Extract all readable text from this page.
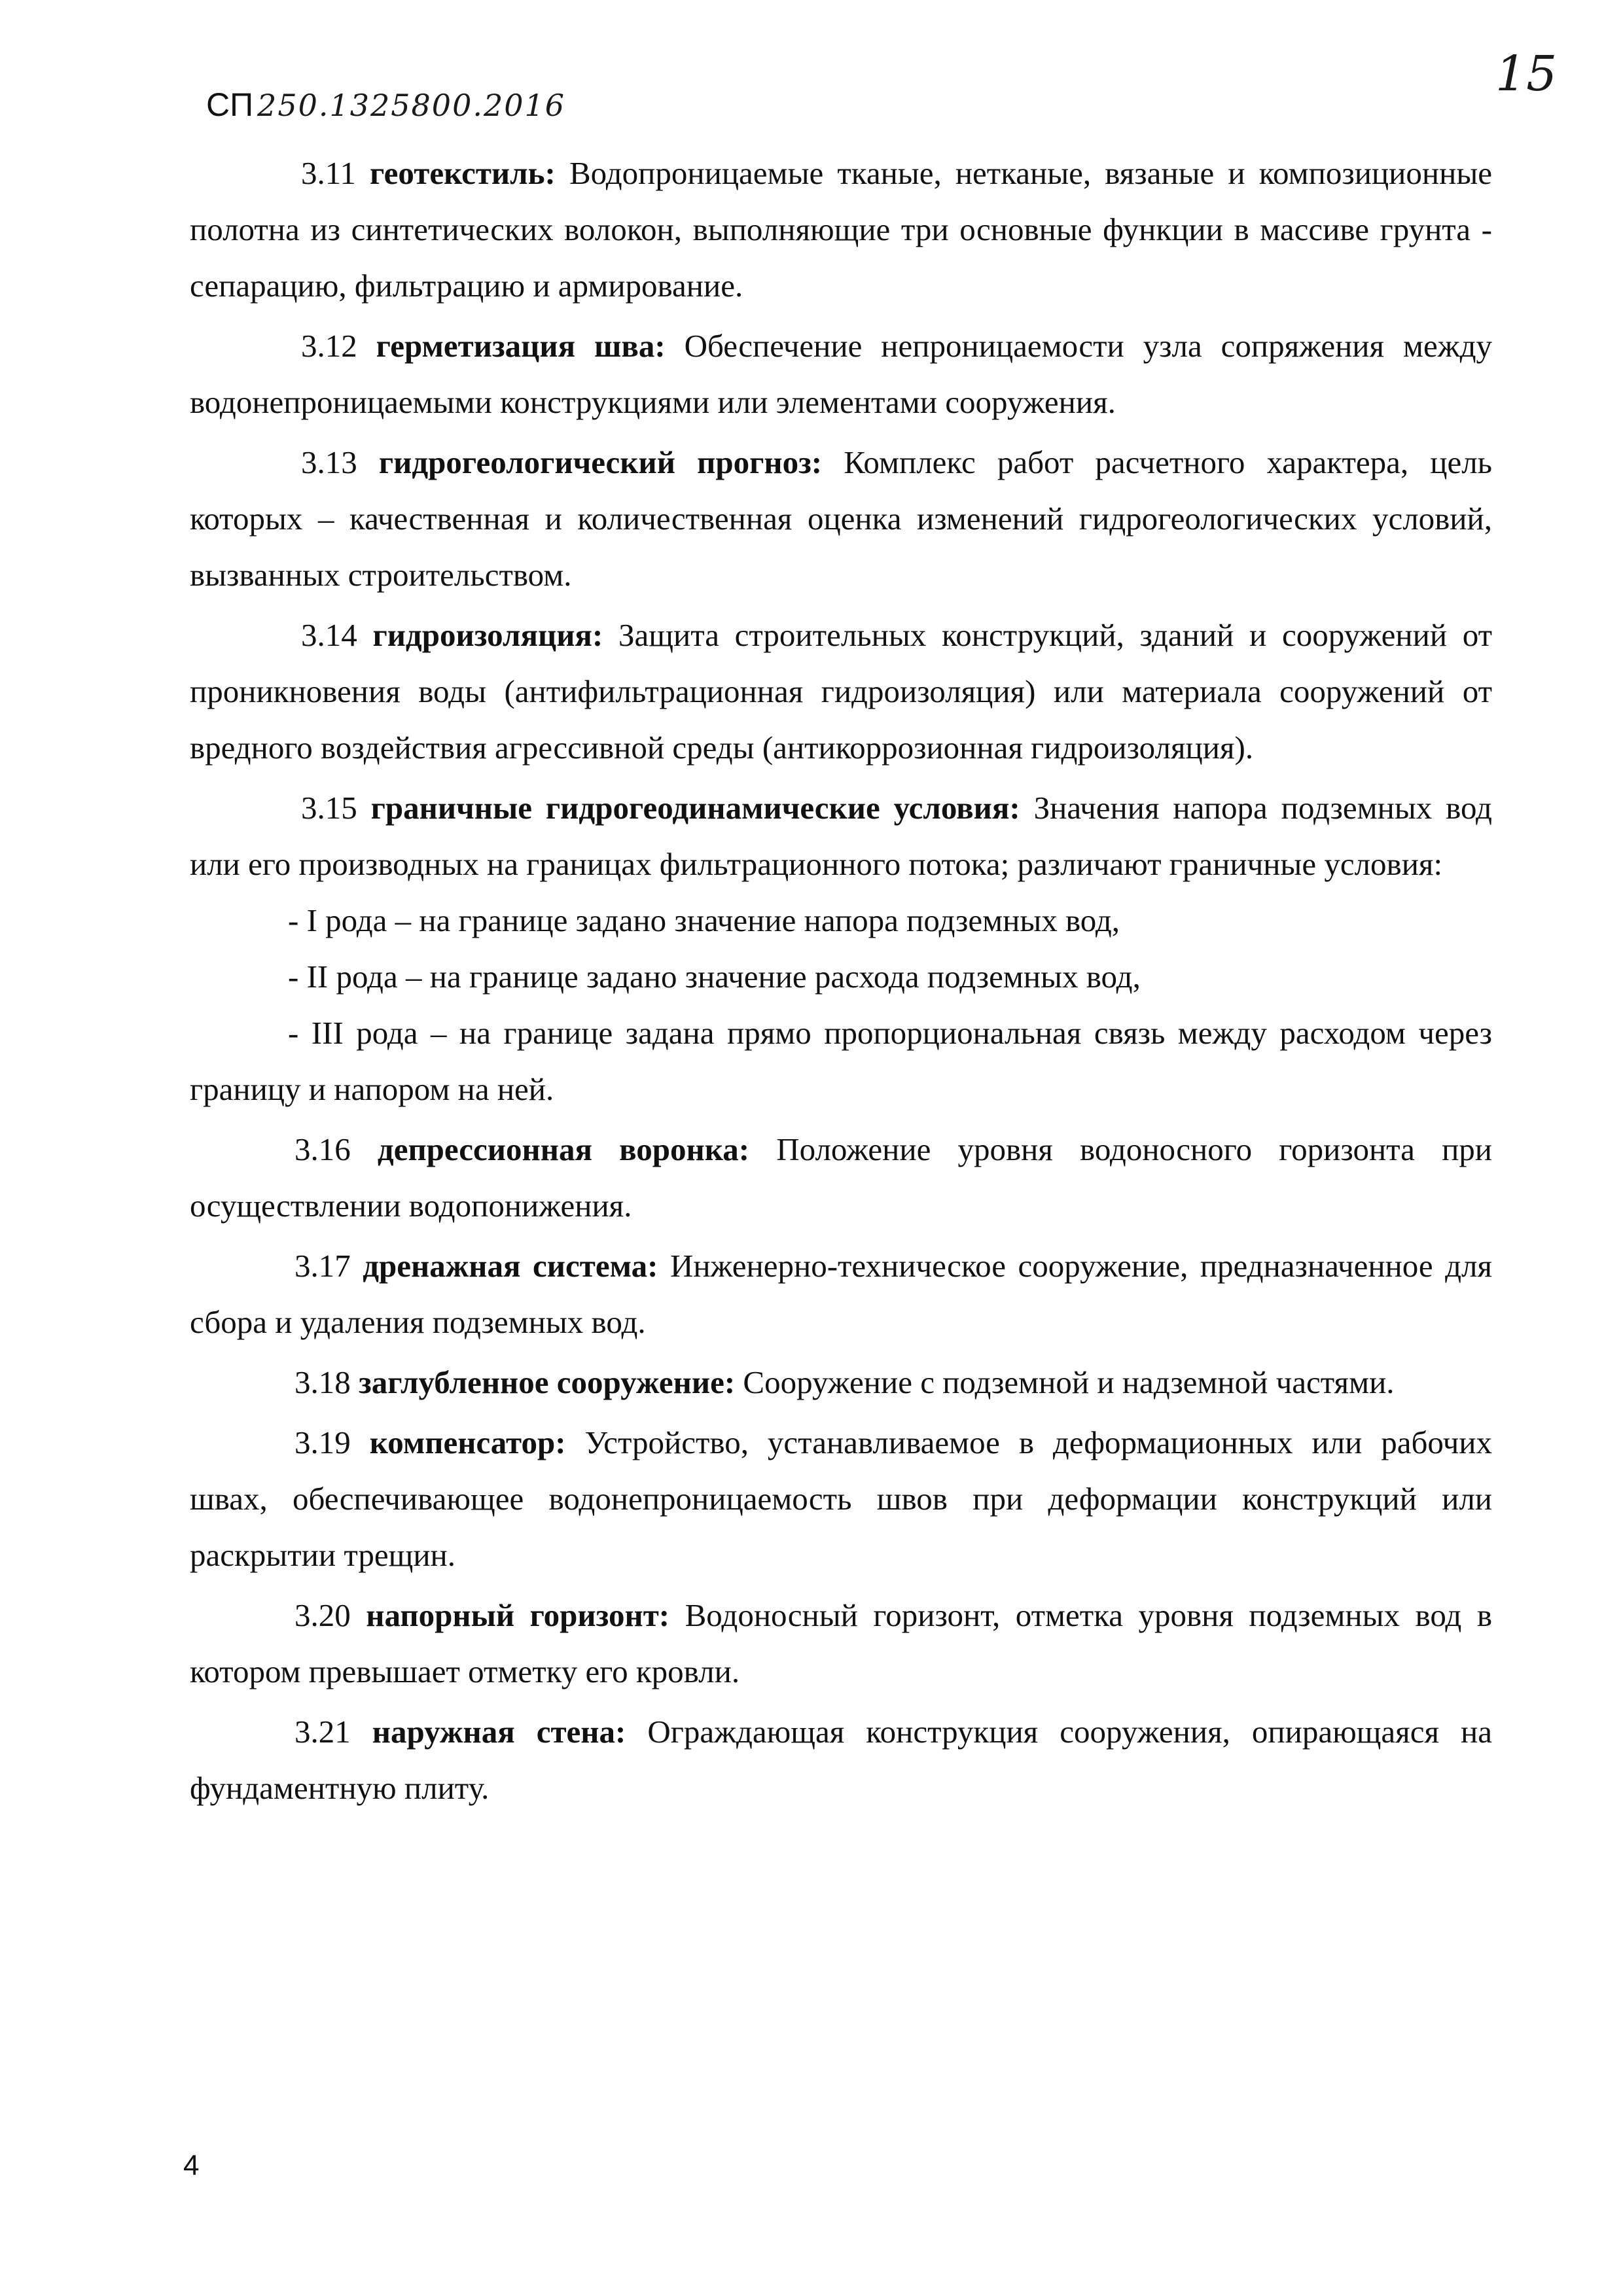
СП 250.1325800.2016
15

3.11 геотекстиль: Водопроницаемые тканые, нетканые, вязаные и композиционные полотна из синтетических волокон, выполняющие три основные функции в массиве грунта - сепарацию, фильтрацию и армирование.

3.12 герметизация шва: Обеспечение непроницаемости узла сопряжения между водонепроницаемыми конструкциями или элементами сооружения.

3.13 гидрогеологический прогноз: Комплекс работ расчетного характера, цель которых – качественная и количественная оценка изменений гидрогеологических условий, вызванных строительством.

3.14 гидроизоляция: Защита строительных конструкций, зданий и сооружений от проникновения воды (антифильтрационная гидроизоляция) или материала сооружений от вредного воздействия агрессивной среды (антикоррозионная гидроизоляция).

3.15 граничные гидрогеодинамические условия: Значения напора подземных вод или его производных на границах фильтрационного потока; различают граничные условия:

- I рода – на границе задано значение напора подземных вод,

- II рода – на границе задано значение расхода подземных вод,

- III рода – на границе задана прямо пропорциональная связь между расходом через границу и напором на ней.

3.16 депрессионная воронка: Положение уровня водоносного горизонта при осуществлении водопонижения.

3.17 дренажная система: Инженерно-техническое сооружение, предназначенное для сбора и удаления подземных вод.

3.18 заглубленное сооружение: Сооружение с подземной и надземной частями.

3.19 компенсатор: Устройство, устанавливаемое в деформационных или рабочих швах, обеспечивающее водонепроницаемость швов при деформации конструкций или раскрытии трещин.

3.20 напорный горизонт: Водоносный горизонт, отметка уровня подземных вод в котором превышает отметку его кровли.

3.21 наружная стена: Ограждающая конструкция сооружения, опирающаяся на фундаментную плиту.

4
